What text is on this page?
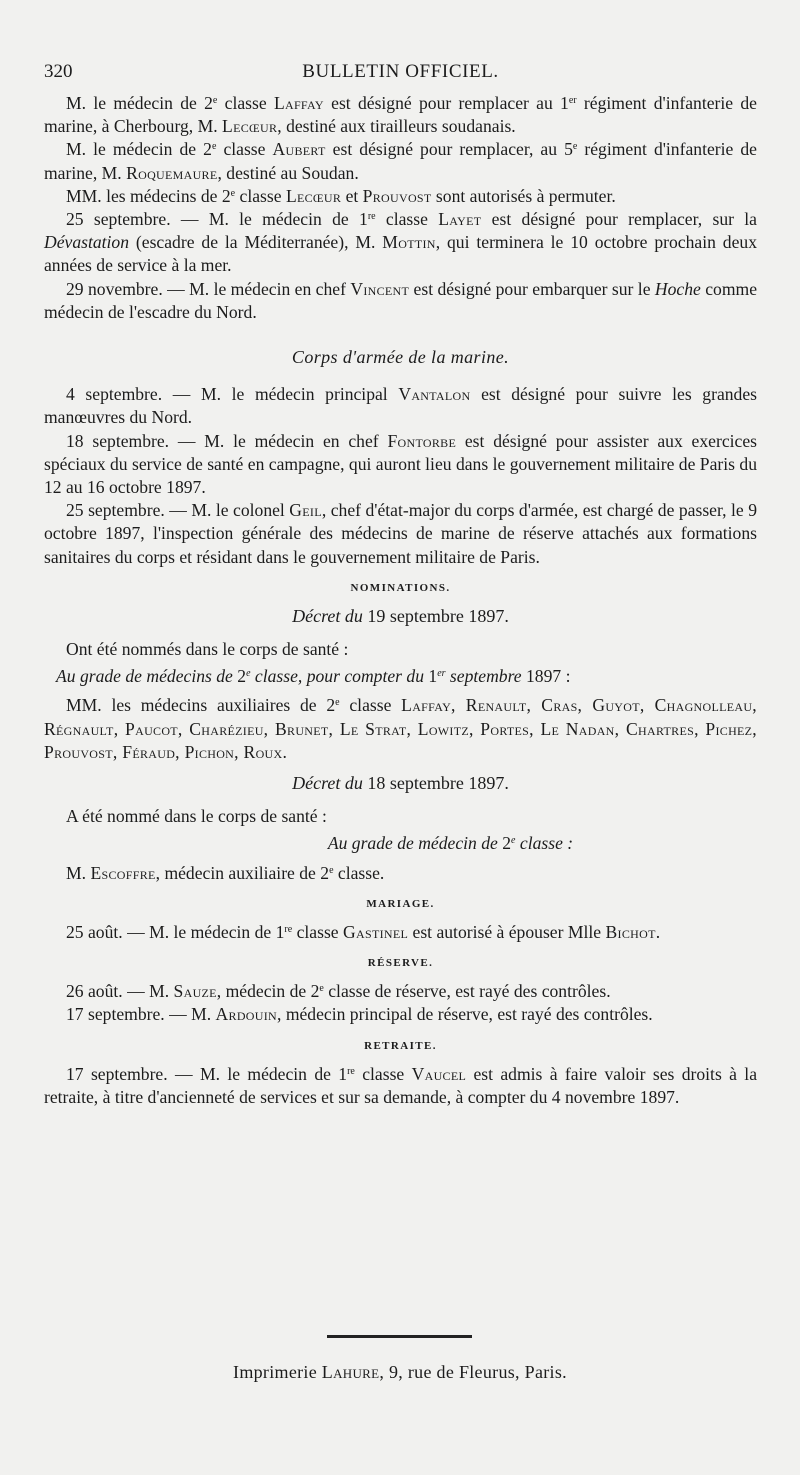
320	BULLETIN OFFICIEL.

M. le médecin de 2e classe Laffay est désigné pour remplacer au 1er régiment d'infanterie de marine, à Cherbourg, M. Lecœur, destiné aux tirailleurs soudanais.

M. le médecin de 2e classe Aubert est désigné pour remplacer, au 5e régiment d'infanterie de marine, M. Roquemaure, destiné au Soudan.

MM. les médecins de 2e classe Lecœur et Prouvost sont autorisés à permuter.

25 septembre. — M. le médecin de 1re classe Layet est désigné pour remplacer, sur la Dévastation (escadre de la Méditerranée), M. Mottin, qui terminera le 10 octobre prochain deux années de service à la mer.

29 novembre. — M. le médecin en chef Vincent est désigné pour embarquer sur le Hoche comme médecin de l'escadre du Nord.

Corps d'armée de la marine.

4 septembre. — M. le médecin principal Vantalon est désigné pour suivre les grandes manœuvres du Nord.

18 septembre. — M. le médecin en chef Fontorbe est désigné pour assister aux exercices spéciaux du service de santé en campagne, qui auront lieu dans le gouvernement militaire de Paris du 12 au 16 octobre 1897.

25 septembre. — M. le colonel Geil, chef d'état-major du corps d'armée, est chargé de passer, le 9 octobre 1897, l'inspection générale des médecins de marine de réserve attachés aux formations sanitaires du corps et résidant dans le gouvernement militaire de Paris.

NOMINATIONS.
Décret du 19 septembre 1897.

Ont été nommés dans le corps de santé :

Au grade de médecins de 2e classe, pour compter du 1er septembre 1897 :

MM. les médecins auxiliaires de 2e classe Laffay, Renault, Cras, Guyot, Chagnolleau, Régnault, Paucot, Charézieu, Brunet, Le Strat, Lowitz, Portes, Le Nadan, Chartres, Pichez, Prouvost, Féraud, Pichon, Roux.

Décret du 18 septembre 1897.

A été nommé dans le corps de santé :

Au grade de médecin de 2e classe :

M. Escoffre, médecin auxiliaire de 2e classe.

MARIAGE.

25 août. — M. le médecin de 1re classe Gastinel est autorisé à épouser Mlle Bichot.

RÉSERVE.

26 août. — M. Sauze, médecin de 2e classe de réserve, est rayé des contrôles.

17 septembre. — M. Ardouin, médecin principal de réserve, est rayé des contrôles.

RETRAITE.

17 septembre. — M. le médecin de 1re classe Vaucel est admis à faire valoir ses droits à la retraite, à titre d'ancienneté de services et sur sa demande, à compter du 4 novembre 1897.

Imprimerie Lahure, 9, rue de Fleurus, Paris.
